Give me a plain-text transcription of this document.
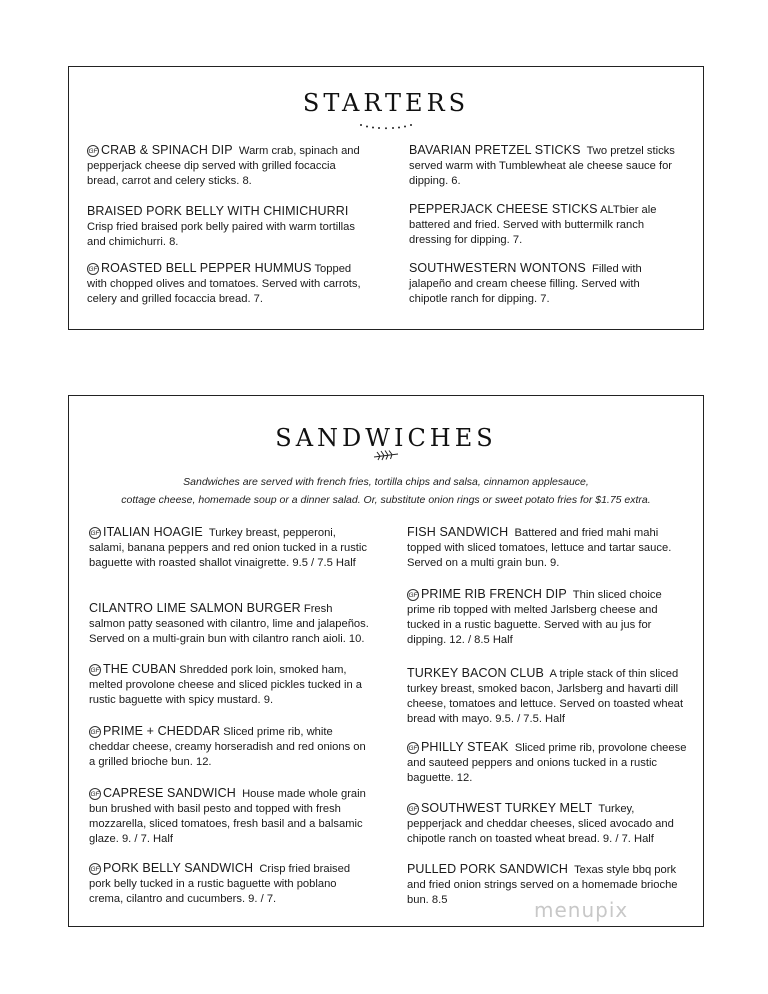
STARTERS
GF CRAB & SPINACH DIP Warm crab, spinach and pepperjack cheese dip served with grilled focaccia bread, carrot and celery sticks. 8.
BRAISED PORK BELLY WITH CHIMICHURRI
Crisp fried braised pork belly paired with warm tortillas and chimichurri. 8.
GF ROASTED BELL PEPPER HUMMUS Topped with chopped olives and tomatoes. Served with carrots, celery and grilled focaccia bread. 7.
BAVARIAN PRETZEL STICKS Two pretzel sticks served warm with Tumblewheat ale cheese sauce for dipping. 6.
PEPPERJACK CHEESE STICKS ALTbier ale battered and fried. Served with buttermilk ranch dressing for dipping. 7.
SOUTHWESTERN WONTONS Filled with jalapeño and cream cheese filling. Served with chipotle ranch for dipping. 7.
SANDWICHES
Sandwiches are served with french fries, tortilla chips and salsa, cinnamon applesauce,
cottage cheese, homemade soup or a dinner salad. Or, substitute onion rings or sweet potato fries for $1.75 extra.
GF ITALIAN HOAGIE Turkey breast, pepperoni, salami, banana peppers and red onion tucked in a rustic baguette with roasted shallot vinaigrette. 9.5 / 7.5 Half
CILANTRO LIME SALMON BURGER Fresh salmon patty seasoned with cilantro, lime and jalapeños. Served on a multi-grain bun with cilantro ranch aioli. 10.
GF THE CUBAN Shredded pork loin, smoked ham, melted provolone cheese and sliced pickles tucked in a rustic baguette with spicy mustard. 9.
GF PRIME + CHEDDAR Sliced prime rib, white cheddar cheese, creamy horseradish and red onions on a grilled brioche bun. 12.
GF CAPRESE SANDWICH House made whole grain bun brushed with basil pesto and topped with fresh mozzarella, sliced tomatoes, fresh basil and a balsamic glaze. 9. / 7. Half
GF PORK BELLY SANDWICH Crisp fried braised pork belly tucked in a rustic baguette with poblano crema, cilantro and cucumbers. 9. / 7.
FISH SANDWICH Battered and fried mahi mahi topped with sliced tomatoes, lettuce and tartar sauce. Served on a multi grain bun. 9.
GF PRIME RIB FRENCH DIP Thin sliced choice prime rib topped with melted Jarlsberg cheese and tucked in a rustic baguette. Served with au jus for dipping. 12. / 8.5 Half
TURKEY BACON CLUB A triple stack of thin sliced turkey breast, smoked bacon, Jarlsberg and havarti dill cheese, tomatoes and lettuce. Served on toasted wheat bread with mayo. 9.5. / 7.5. Half
GF PHILLY STEAK Sliced prime rib, provolone cheese and sauteed peppers and onions tucked in a rustic baguette. 12.
GF SOUTHWEST TURKEY MELT Turkey, pepperjack and cheddar cheeses, sliced avocado and chipotle ranch on toasted wheat bread. 9. / 7. Half
PULLED PORK SANDWICH Texas style bbq pork and fried onion strings served on a homemade brioche bun. 8.5	menupix
